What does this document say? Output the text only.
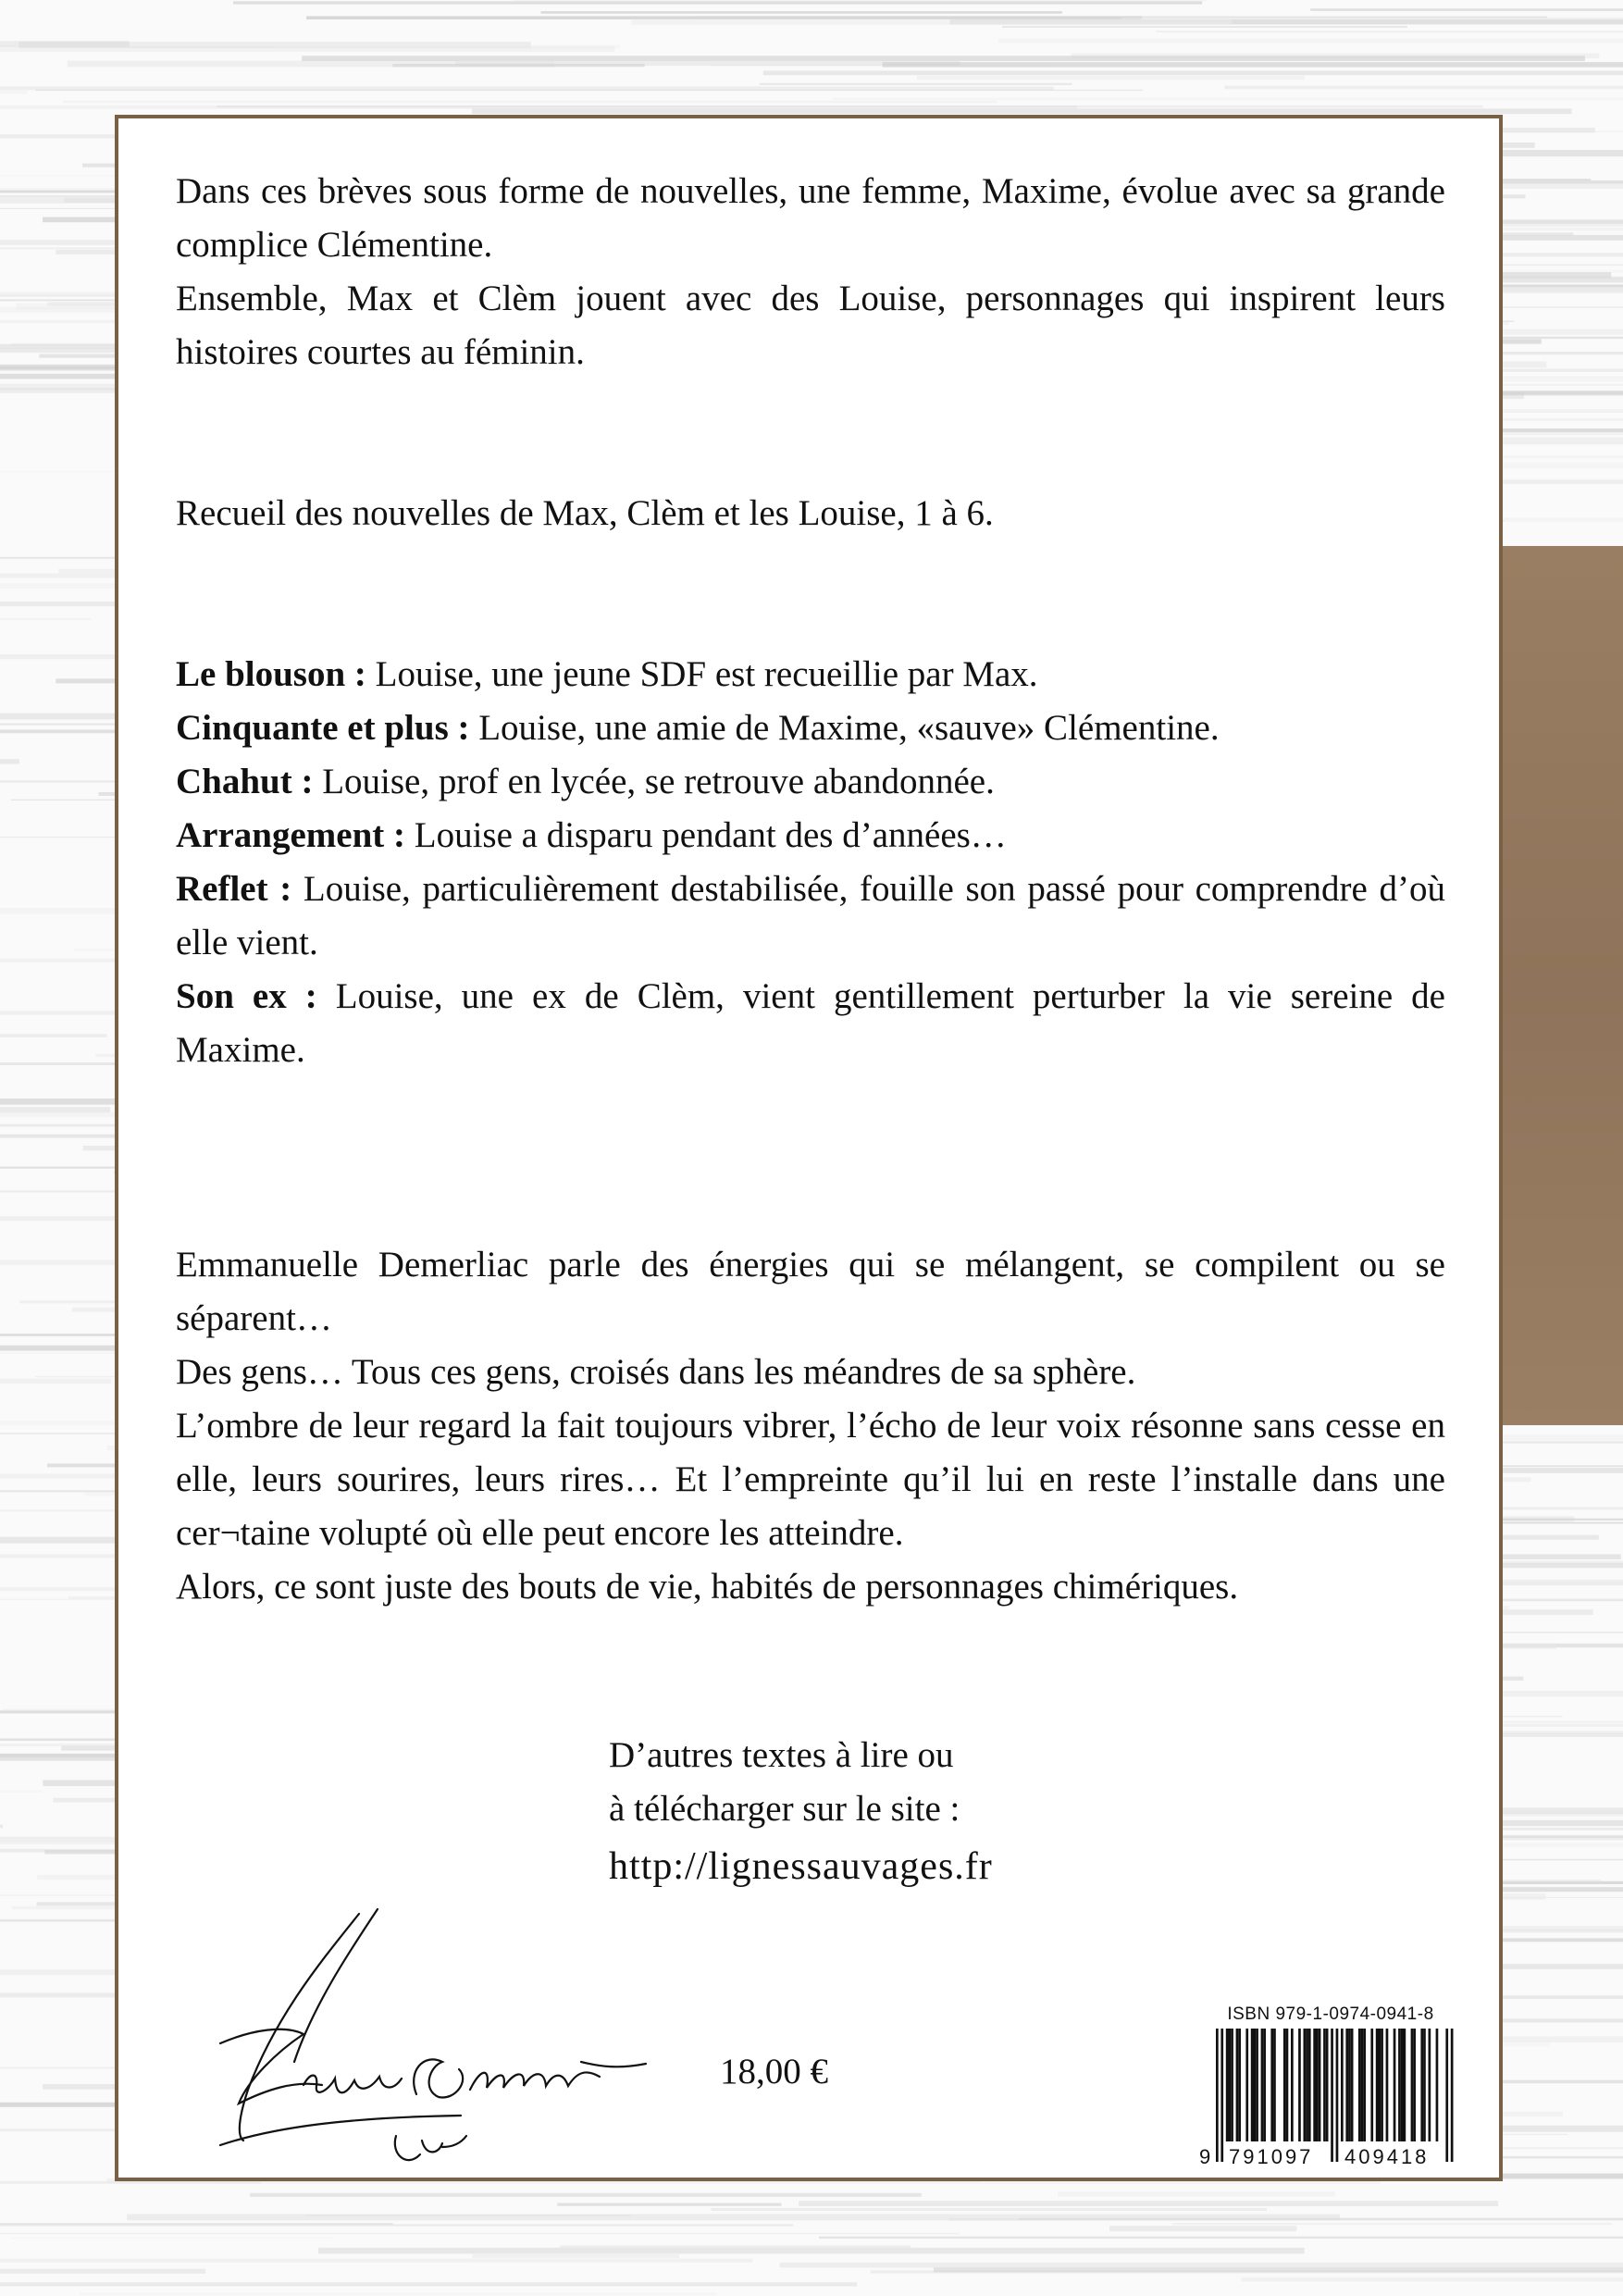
Dans ces brèves sous forme de nouvelles, une femme, Maxime, évolue avec sa grande complice Clémentine.

Ensemble, Max et Clèm jouent avec des Louise, personnages qui inspirent leurs histoires courtes au féminin.

Recueil des nouvelles de Max, Clèm et les Louise, 1 à 6.

Le blouson : Louise, une jeune SDF est recueillie par Max.

Cinquante et plus : Louise, une amie de Maxime, «sauve» Clémentine.

Chahut : Louise, prof en lycée, se retrouve abandonnée.

Arrangement : Louise a disparu pendant des d’années…

Reflet : Louise, particulièrement destabilisée, fouille son passé pour comprendre d’où elle vient.

Son ex : Louise, une ex de Clèm, vient gentillement perturber la vie sereine de Maxime.

Emmanuelle Demerliac parle des énergies qui se mélangent, se compilent ou se séparent…

Des gens… Tous ces gens, croisés dans les méandres de sa sphère.

L’ombre de leur regard la fait toujours vibrer, l’écho de leur voix résonne sans cesse en elle, leurs sourires, leurs rires… Et l’empreinte qu’il lui en reste l’installe dans une cer¬taine volupté où elle peut encore les atteindre.

Alors, ce sont juste des bouts de vie, habités de personnages chimériques.

D’autres textes à lire ou
à télécharger sur le site :
http://lignessauvages.fr
18,00 €
ISBN 979-1-0974-0941-8
9 791097 409418
